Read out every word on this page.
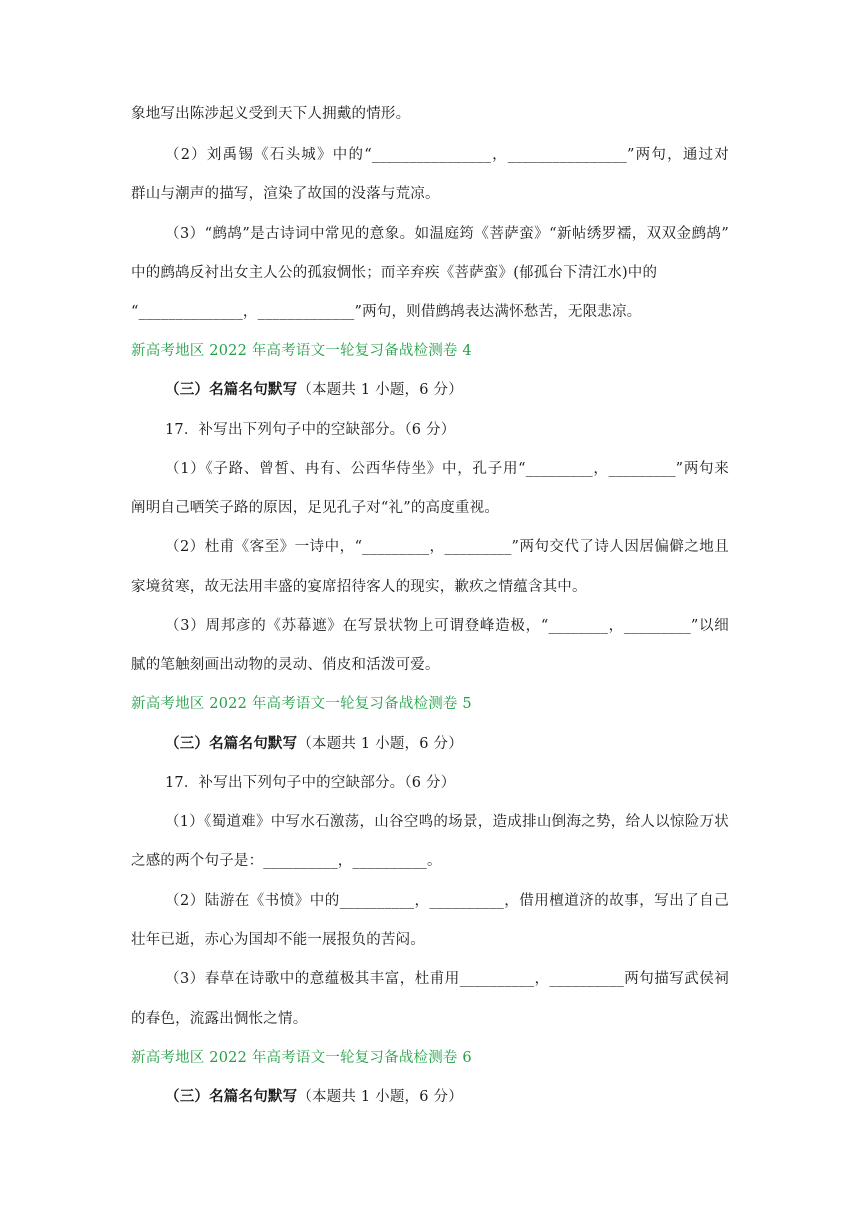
象地写出陈涉起义受到天下人拥戴的情形。
（2）刘禹锡《石头城》中的“________________，________________”两句，通过对
群山与潮声的描写，渲染了故国的没落与荒凉。
（3）“鹧鸪”是古诗词中常见的意象。如温庭筠《菩萨蛮》“新帖绣罗襦，双双金鹧鸪”
中的鹧鸪反衬出女主人公的孤寂惆怅；而辛弃疾《菩萨蛮》(郁孤台下清江水)中的
“______________，_____________”两句，则借鹧鸪表达满怀愁苦，无限悲凉。
新高考地区 2022 年高考语文一轮复习备战检测卷 4
（三）名篇名句默写（本题共 1 小题，6 分）
17．补写出下列句子中的空缺部分。（6 分）
（1）《子路、曾皙、冉有、公西华侍坐》中，孔子用“_________，_________”两句来
阐明自己哂笑子路的原因，足见孔子对“礼”的高度重视。
（2）杜甫《客至》一诗中，“_________，_________”两句交代了诗人因居偏僻之地且
家境贫寒，故无法用丰盛的宴席招待客人的现实，歉疚之情蕴含其中。
（3）周邦彦的《苏幕遮》在写景状物上可谓登峰造极，“________，_________”以细
腻的笔触刻画出动物的灵动、俏皮和活泼可爱。
新高考地区 2022 年高考语文一轮复习备战检测卷 5
（三）名篇名句默写（本题共 1 小题，6 分）
17．补写出下列句子中的空缺部分。（6 分）
（1）《蜀道难》中写水石激荡，山谷空鸣的场景，造成排山倒海之势，给人以惊险万状
之感的两个句子是：__________，__________。
（2）陆游在《书愤》中的__________，__________，借用檀道济的故事，写出了自己
壮年已逝，赤心为国却不能一展报负的苦闷。
（3）春草在诗歌中的意蕴极其丰富，杜甫用__________，__________两句描写武侯祠
的春色，流露出惆怅之情。
新高考地区 2022 年高考语文一轮复习备战检测卷 6
（三）名篇名句默写（本题共 1 小题，6 分）
